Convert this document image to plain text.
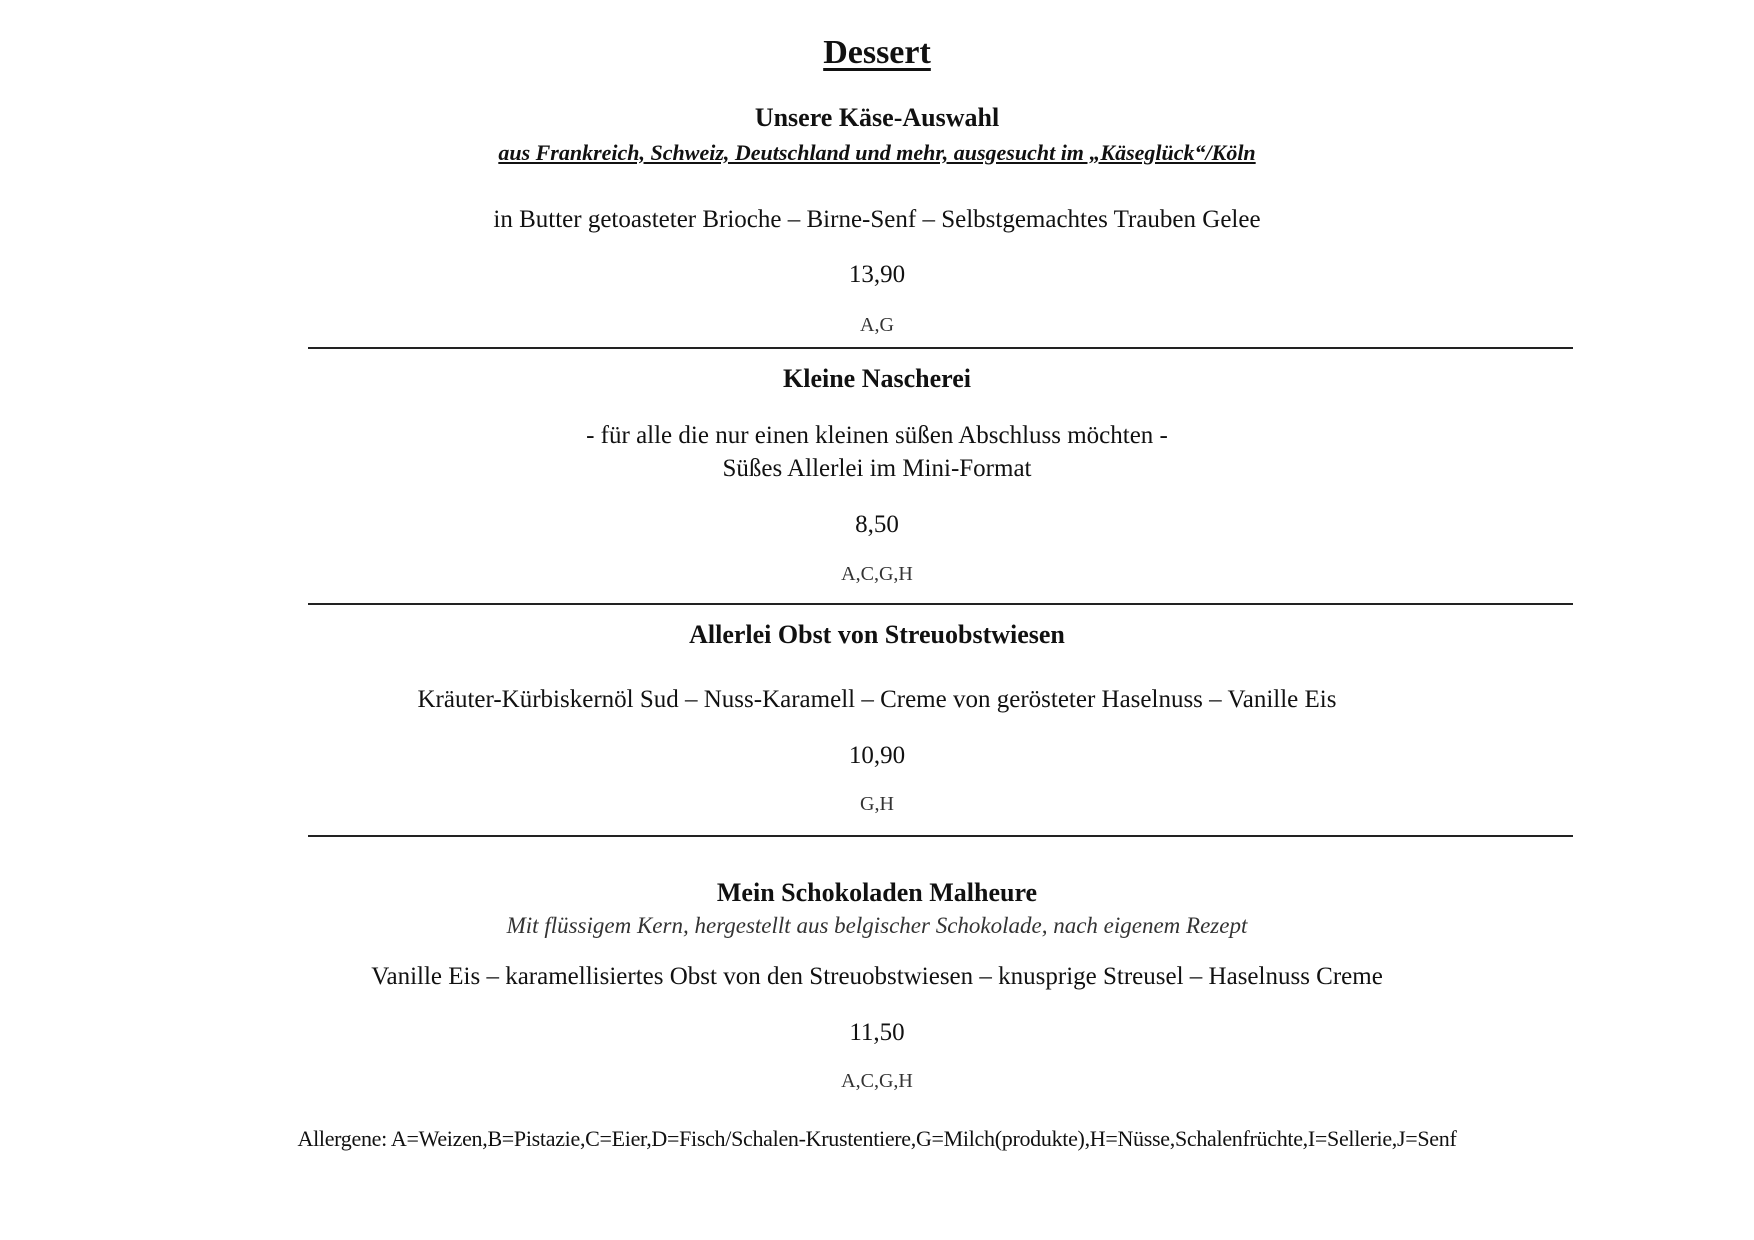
Dessert
Unsere Käse-Auswahl
aus Frankreich, Schweiz, Deutschland und mehr, ausgesucht im „Käseglück“/Köln
in Butter getoasteter Brioche – Birne-Senf – Selbstgemachtes Trauben Gelee
13,90
A,G
Kleine Nascherei
- für alle die nur einen kleinen süßen Abschluss möchten -
Süßes Allerlei im Mini-Format
8,50
A,C,G,H
Allerlei Obst von Streuobstwiesen
Kräuter-Kürbiskernöl Sud – Nuss-Karamell – Creme von gerösteter Haselnuss – Vanille Eis
10,90
G,H
Mein Schokoladen Malheure
Mit flüssigem Kern, hergestellt aus belgischer Schokolade, nach eigenem Rezept
Vanille Eis – karamellisiertes Obst von den Streuobstwiesen – knusprige Streusel – Haselnuss Creme
11,50
A,C,G,H
Allergene: A=Weizen,B=Pistazie,C=Eier,D=Fisch/Schalen-Krustentiere,G=Milch(produkte),H=Nüsse,Schalenfrüchte,I=Sellerie,J=Senf
